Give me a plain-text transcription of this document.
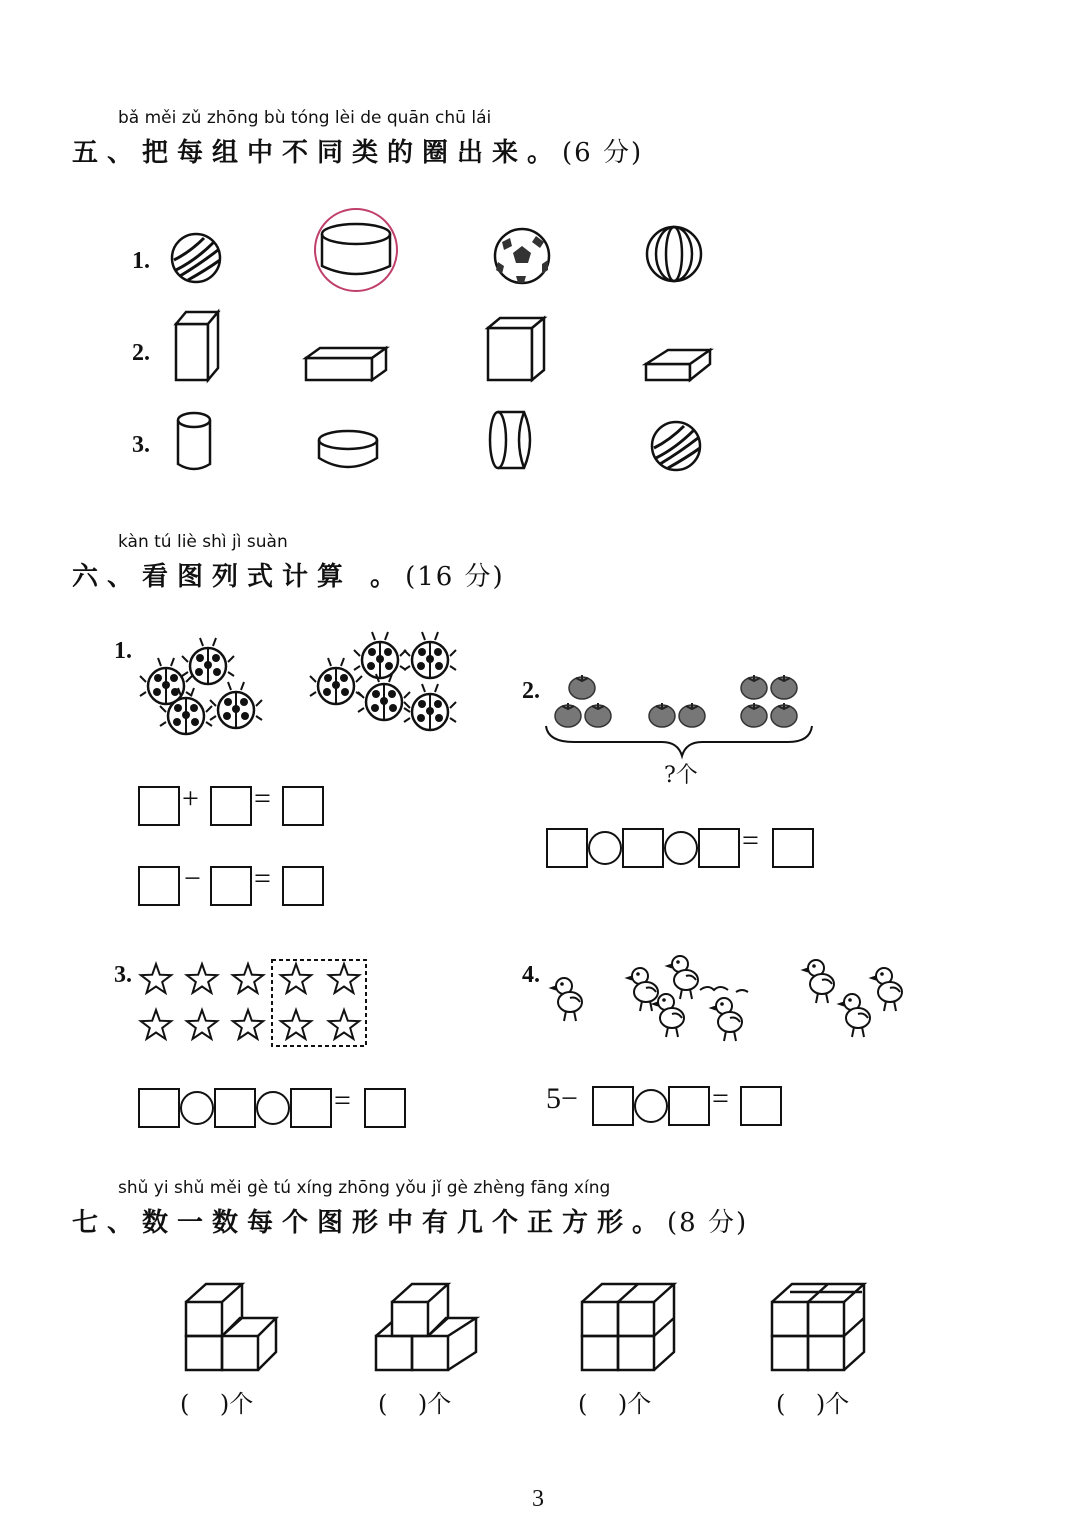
bǎ měi zǔ zhōng bù tóng lèi de quān chū lái
五、把每组中不同类的圈出来。(6 分)
1.
2.
3.
kàn tú liè shì jì suàn
六、看图列式计算 。(16 分)
1.
+ =
− =
2.
?个
=
3.
=
4.
5−	=
shǔ yi shǔ měi gè tú xíng zhōng yǒu jǐ gè zhèng fāng xíng
七、数一数每个图形中有几个正方形。(8 分)
(    )个	(    )个	(    )个	(    )个
3
